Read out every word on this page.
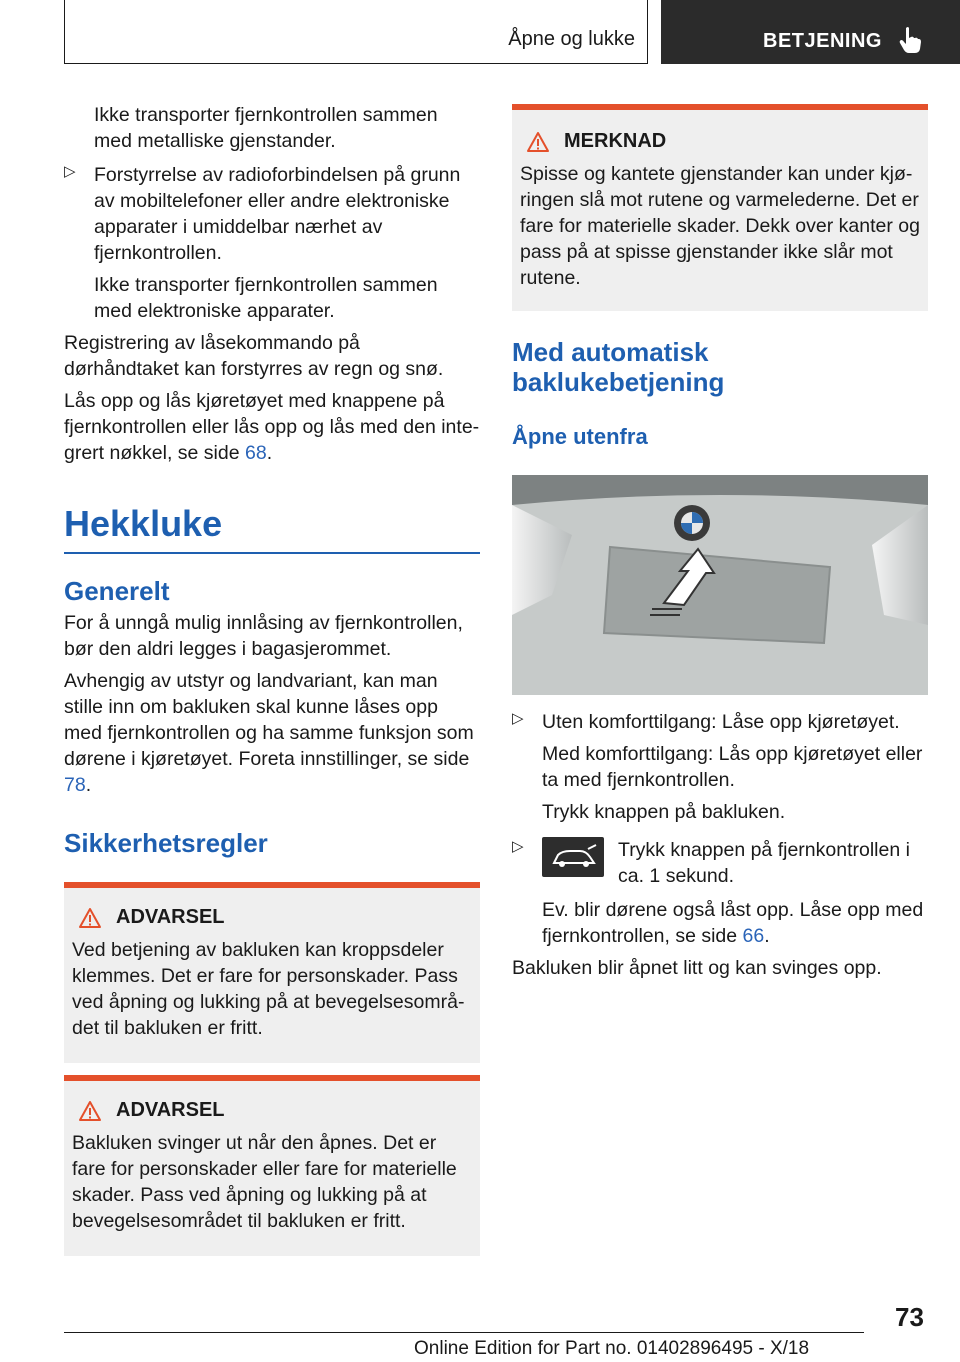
Åpne og lukke	BETJENING

Ikke transporter fjernkontrollen sammen med metalliske gjenstander.

▷ Forstyrrelse av radioforbindelsen på grunn av mobiltelefoner eller andre elektroniske apparater i umiddelbar nærhet av fjernkontrollen.

Ikke transporter fjernkontrollen sammen med elektroniske apparater.

Registrering av låsekommando på dørhåndtaket kan forstyrres av regn og snø.

Lås opp og lås kjøretøyet med knappene på fjernkontrollen eller lås opp og lås med den integrert nøkkel, se side 68.

Hekkluke
Generelt

For å unngå mulig innlåsing av fjernkontrollen, bør den aldri legges i bagasjerommet.

Avhengig av utstyr og landvariant, kan man stille inn om bakluken skal kunne låses opp med fjernkontrollen og ha samme funksjon som dørene i kjøretøyet. Foreta innstillinger, se side 78.

Sikkerhetsregler
ADVARSEL

Ved betjening av bakluken kan kroppsdeler klemmes. Det er fare for personskader. Pass ved åpning og lukking på at bevegelsesområdet til bakluken er fritt.

ADVARSEL

Bakluken svinger ut når den åpnes. Det er fare for personskader eller fare for materielle skader. Pass ved åpning og lukking på at bevegelsesområdet til bakluken er fritt.

MERKNAD

Spisse og kantete gjenstander kan under kjøringen slå mot rutene og varmelederne. Det er fare for materielle skader. Dekk over kanter og pass på at spisse gjenstander ikke slår mot rutene.

Med automatisk baklukebetjening
Åpne utenfra
▷ Uten komforttilgang: Låse opp kjøretøyet.

Med komforttilgang: Lås opp kjøretøyet eller ta med fjernkontrollen.

Trykk knappen på bakluken.

▷	Trykk knappen på fjernkontrollen i ca. 1 sekund.

Ev. blir dørene også låst opp. Låse opp med fjernkontrollen, se side 66.

Bakluken blir åpnet litt og kan svinges opp.

73
Online Edition for Part no. 01402896495 - X/18
